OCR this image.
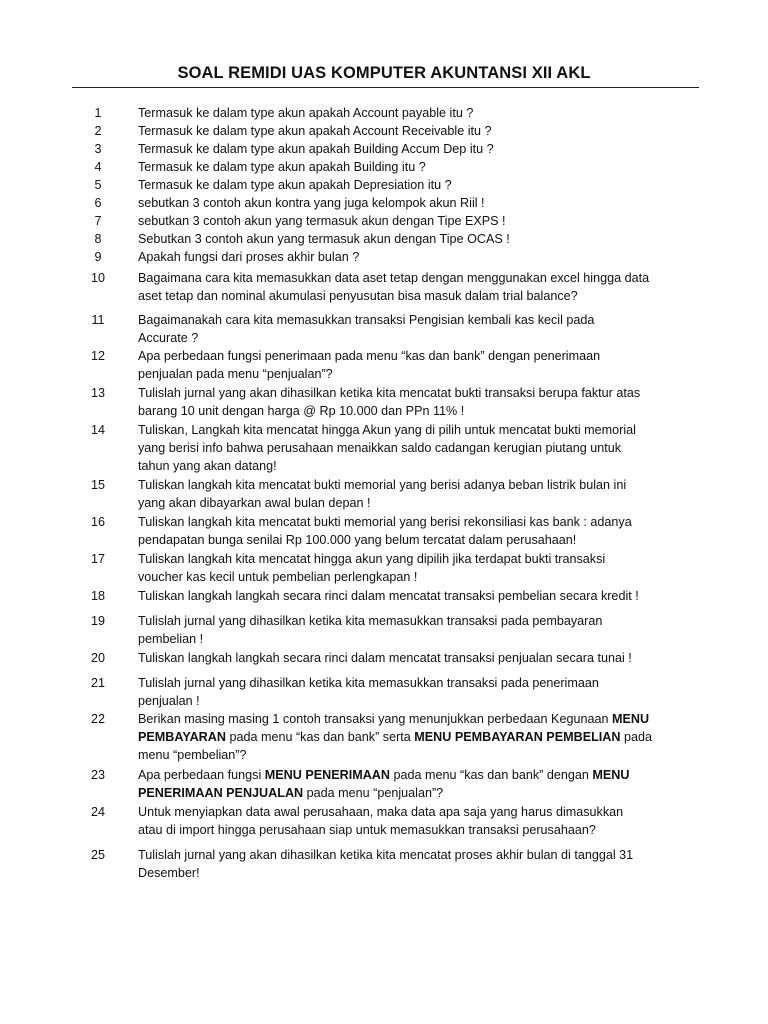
SOAL REMIDI UAS KOMPUTER AKUNTANSI XII AKL
1	Termasuk ke dalam type akun apakah Account payable itu ?
2	Termasuk ke dalam type akun apakah Account Receivable itu ?
3	Termasuk ke dalam type akun apakah Building Accum Dep itu ?
4	Termasuk ke dalam type akun apakah Building itu ?
5	Termasuk ke dalam type akun apakah Depresiation itu ?
6	sebutkan 3 contoh akun kontra yang juga kelompok akun Riil !
7	sebutkan 3 contoh akun yang termasuk akun dengan Tipe EXPS !
8	Sebutkan 3 contoh akun yang termasuk akun dengan Tipe OCAS !
9	Apakah fungsi dari proses akhir bulan ?
10	Bagaimana cara kita memasukkan data aset tetap dengan menggunakan excel hingga data
aset tetap dan nominal akumulasi penyusutan bisa masuk dalam trial balance?
11	Bagaimanakah cara kita memasukkan transaksi Pengisian kembali kas kecil pada
Accurate ?
12	Apa perbedaan fungsi penerimaan pada menu “kas dan bank” dengan penerimaan
penjualan pada menu “penjualan”?
13	Tulislah jurnal yang akan dihasilkan ketika kita mencatat bukti transaksi berupa faktur atas
barang 10 unit dengan harga @ Rp 10.000 dan PPn 11% !
14	Tuliskan, Langkah kita mencatat hingga Akun yang di pilih untuk mencatat bukti memorial
yang berisi info bahwa perusahaan menaikkan saldo cadangan kerugian piutang untuk
tahun yang akan datang!
15	Tuliskan langkah kita mencatat bukti memorial yang berisi adanya beban listrik bulan ini
yang akan dibayarkan awal bulan depan !
16	Tuliskan langkah kita mencatat bukti memorial yang berisi rekonsiliasi kas bank : adanya
pendapatan bunga senilai Rp 100.000 yang belum tercatat dalam perusahaan!
17	Tuliskan langkah kita mencatat hingga akun yang dipilih jika terdapat bukti transaksi
voucher kas kecil untuk pembelian perlengkapan !
18	Tuliskan langkah langkah secara rinci dalam mencatat transaksi pembelian secara kredit !
19	Tulislah jurnal yang dihasilkan ketika kita memasukkan transaksi pada pembayaran
pembelian !
20	Tuliskan langkah langkah secara rinci dalam mencatat transaksi penjualan secara tunai !
21	Tulislah jurnal yang dihasilkan ketika kita memasukkan transaksi pada penerimaan
penjualan !
22	Berikan masing masing 1 contoh transaksi yang menunjukkan perbedaan Kegunaan MENU
PEMBAYARAN pada menu “kas dan bank” serta MENU PEMBAYARAN PEMBELIAN pada
menu “pembelian”?
23	Apa perbedaan fungsi MENU PENERIMAAN pada menu “kas dan bank” dengan MENU
PENERIMAAN PENJUALAN pada menu “penjualan”?
24	Untuk menyiapkan data awal perusahaan, maka data apa saja yang harus dimasukkan
atau di import hingga perusahaan siap untuk memasukkan transaksi perusahaan?
25	Tulislah jurnal yang akan dihasilkan ketika kita mencatat proses akhir bulan di tanggal 31
Desember!
